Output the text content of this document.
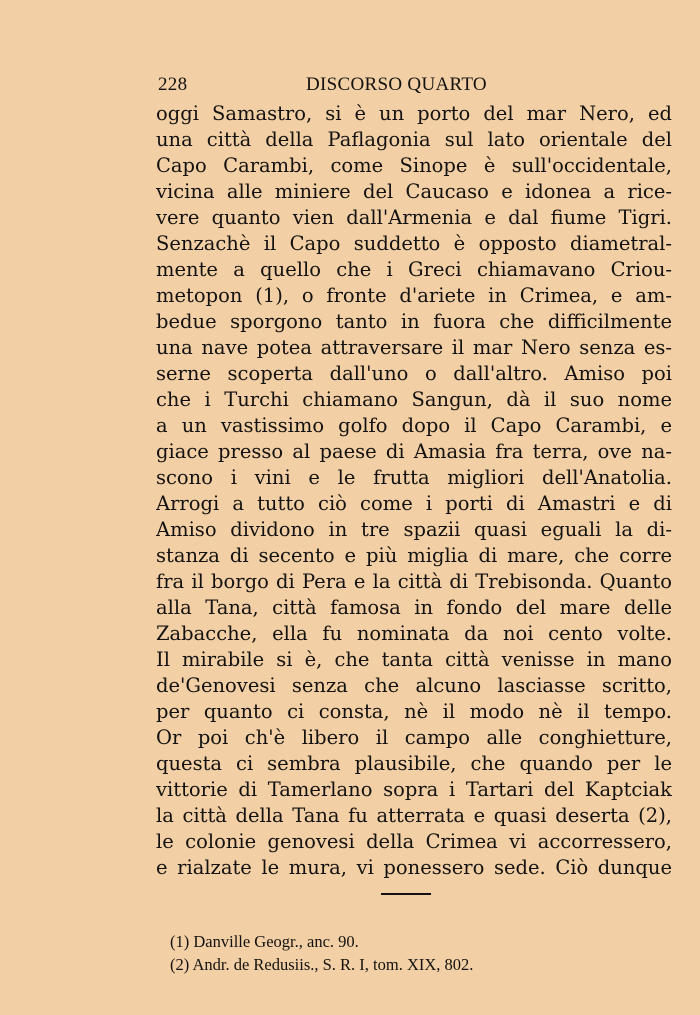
228	DISCORSO QUARTO
oggi Samastro, si è un porto del mar Nero, ed
una città della Paflagonia sul lato orientale del
Capo Carambi, come Sinope è sull'occidentale,
vicina alle miniere del Caucaso e idonea a rice-
vere quanto vien dall'Armenia e dal fiume Tigri.
Senzachè il Capo suddetto è opposto diametral-
mente a quello che i Greci chiamavano Criou-
metopon (1), o fronte d'ariete in Crimea, e am-
bedue sporgono tanto in fuora che difficilmente
una nave potea attraversare il mar Nero senza es-
serne scoperta dall'uno o dall'altro. Amiso poi
che i Turchi chiamano Sangun, dà il suo nome
a un vastissimo golfo dopo il Capo Carambi, e
giace presso al paese di Amasia fra terra, ove na-
scono i vini e le frutta migliori dell'Anatolia.
Arrogi a tutto ciò come i porti di Amastri e di
Amiso dividono in tre spazii quasi eguali la di-
stanza di secento e più miglia di mare, che corre
fra il borgo di Pera e la città di Trebisonda. Quanto
alla Tana, città famosa in fondo del mare delle
Zabacche, ella fu nominata da noi cento volte.
Il mirabile si è, che tanta città venisse in mano
de'Genovesi senza che alcuno lasciasse scritto,
per quanto ci consta, nè il modo nè il tempo.
Or poi ch'è libero il campo alle conghietture,
questa ci sembra plausibile, che quando per le
vittorie di Tamerlano sopra i Tartari del Kaptciak
la città della Tana fu atterrata e quasi deserta (2),
le colonie genovesi della Crimea vi accorressero,
e rialzate le mura, vi ponessero sede. Ciò dunque
(1) Danville Geogr., anc. 90.
(2) Andr. de Redusiis., S. R. I, tom. XIX, 802.
